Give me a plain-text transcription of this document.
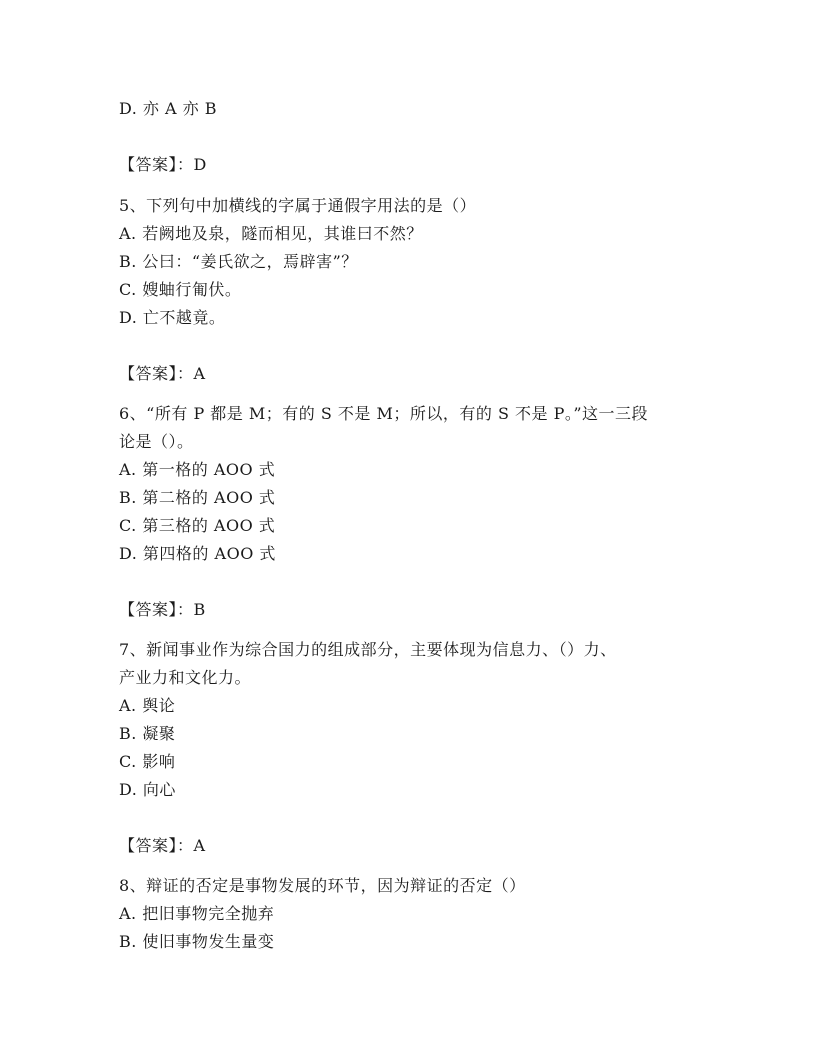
D. 亦 A 亦 B
【答案】：D
5、下列句中加横线的字属于通假字用法的是（）
A. 若阙地及泉，隧而相见，其谁曰不然？
B. 公曰：“姜氏欲之，焉辟害”？
C. 嫂蚰行匍伏。
D. 亡不越竟。
【答案】：A
6、“所有 P 都是 M；有的 S 不是 M；所以，有的 S 不是 P。”这一三段
论是（）。
A. 第一格的 AOO 式
B. 第二格的 AOO 式
C. 第三格的 AOO 式
D. 第四格的 AOO 式
【答案】：B
7、新闻事业作为综合国力的组成部分，主要体现为信息力、（）力、
产业力和文化力。
A. 舆论
B. 凝聚
C. 影响
D. 向心
【答案】：A
8、辩证的否定是事物发展的环节，因为辩证的否定（）
A. 把旧事物完全抛弃
B. 使旧事物发生量变
